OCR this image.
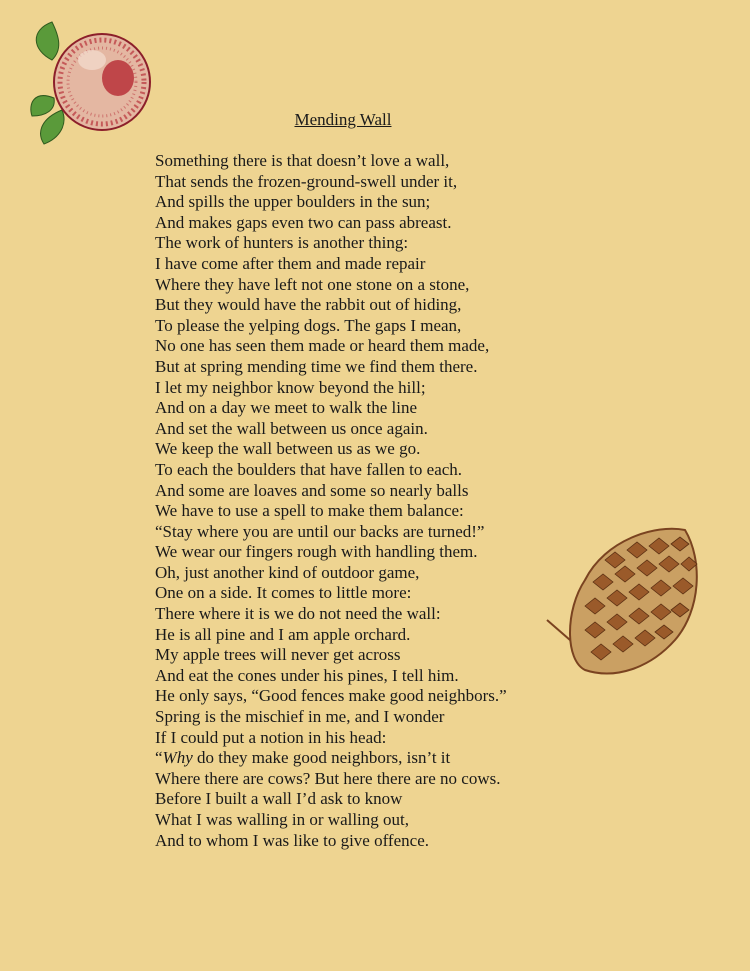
Mending Wall
Something there is that doesn’t love a wall,
That sends the frozen-ground-swell under it,
And spills the upper boulders in the sun;
And makes gaps even two can pass abreast.
The work of hunters is another thing:
I have come after them and made repair
Where they have left not one stone on a stone,
But they would have the rabbit out of hiding,
To please the yelping dogs. The gaps I mean,
No one has seen them made or heard them made,
But at spring mending time we find them there.
I let my neighbor know beyond the hill;
And on a day we meet to walk the line
And set the wall between us once again.
We keep the wall between us as we go.
To each the boulders that have fallen to each.
And some are loaves and some so nearly balls
We have to use a spell to make them balance:
“Stay where you are until our backs are turned!”
We wear our fingers rough with handling them.
Oh, just another kind of outdoor game,
One on a side. It comes to little more:
There where it is we do not need the wall:
He is all pine and I am apple orchard.
My apple trees will never get across
And eat the cones under his pines, I tell him.
He only says, “Good fences make good neighbors.”
Spring is the mischief in me, and I wonder
If I could put a notion in his head:
“Why do they make good neighbors, isn’t it
Where there are cows? But here there are no cows.
Before I built a wall I’d ask to know
What I was walling in or walling out,
And to whom I was like to give offence.
